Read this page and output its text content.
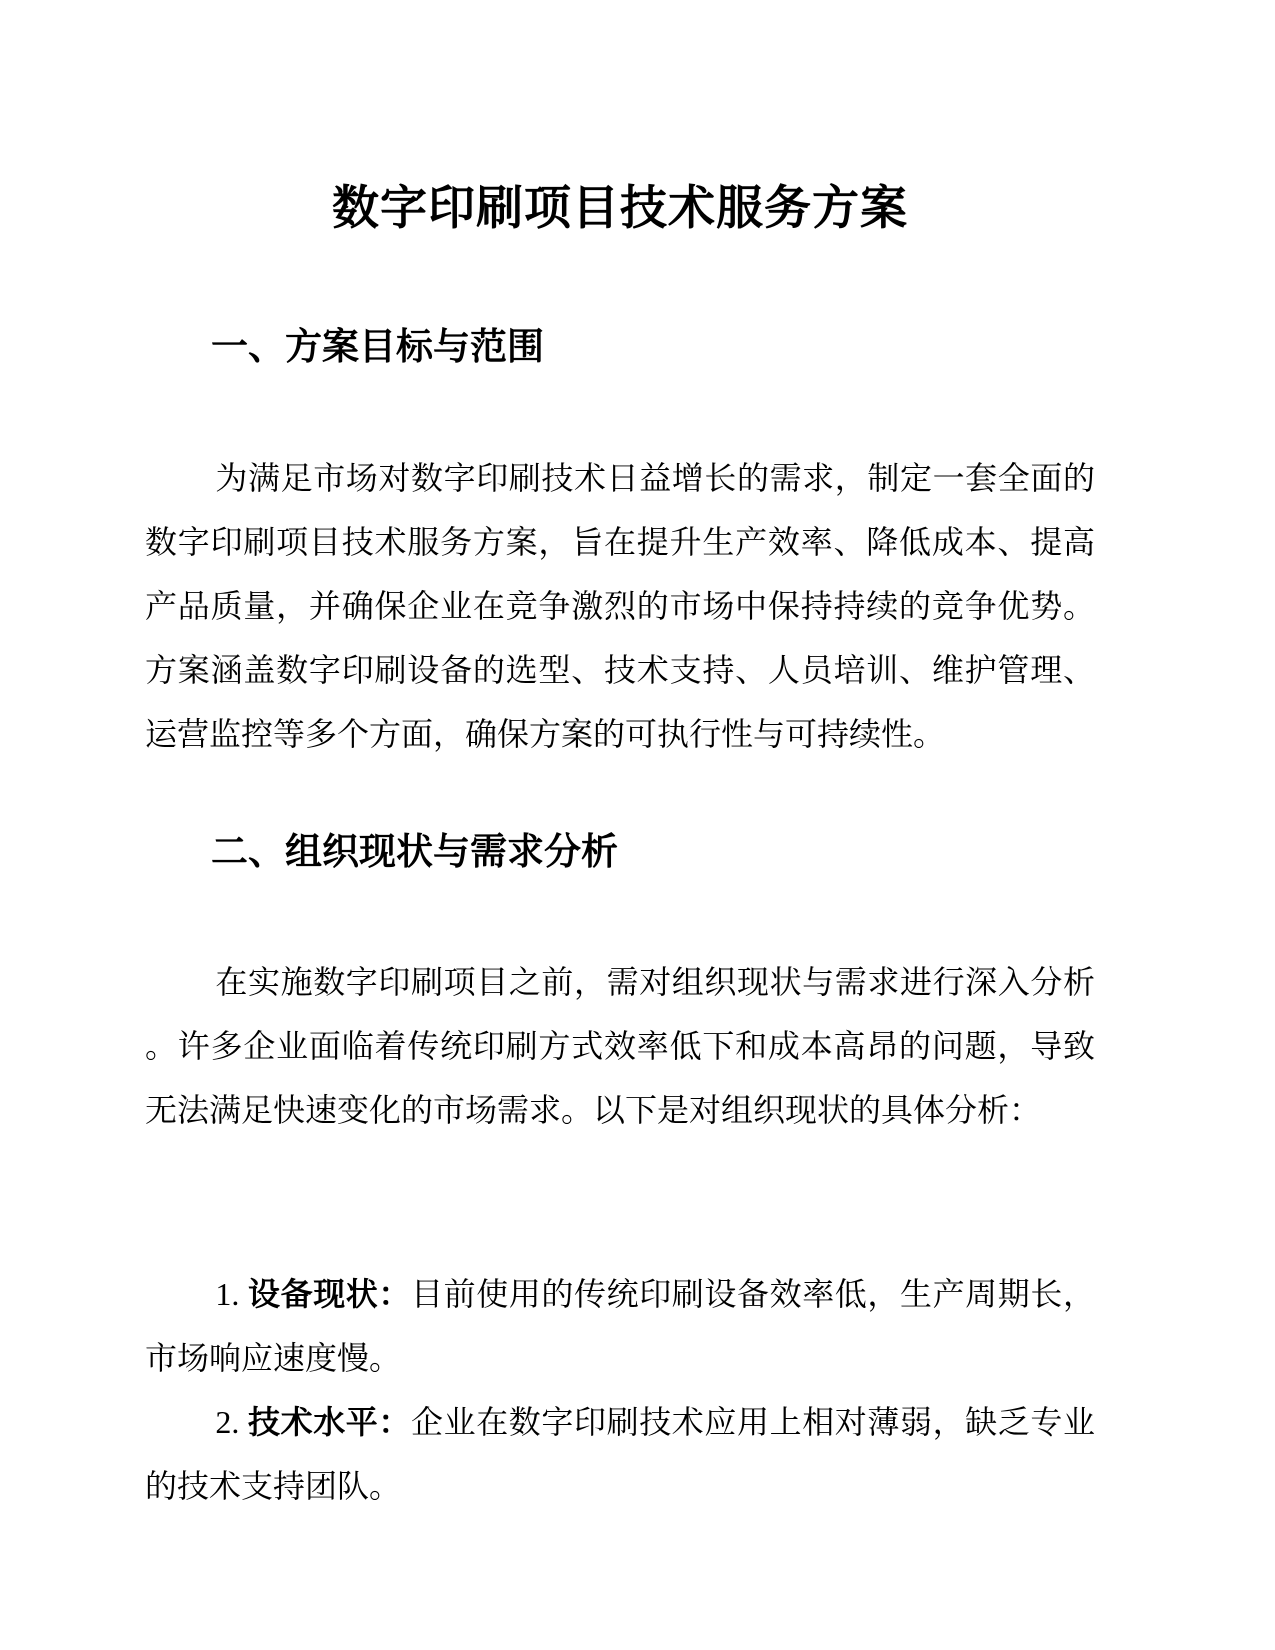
数字印刷项目技术服务方案
一、方案目标与范围

为满足市场对数字印刷技术日益增长的需求，制定一套全面的数字印刷项目技术服务方案，旨在提升生产效率、降低成本、提高产品质量，并确保企业在竞争激烈的市场中保持持续的竞争优势。方案涵盖数字印刷设备的选型、技术支持、人员培训、维护管理、运营监控等多个方面，确保方案的可执行性与可持续性。

二、组织现状与需求分析

在实施数字印刷项目之前，需对组织现状与需求进行深入分析。许多企业面临着传统印刷方式效率低下和成本高昂的问题，导致无法满足快速变化的市场需求。以下是对组织现状的具体分析：

1. 设备现状：目前使用的传统印刷设备效率低，生产周期长，市场响应速度慢。

2. 技术水平：企业在数字印刷技术应用上相对薄弱，缺乏专业的技术支持团队。
